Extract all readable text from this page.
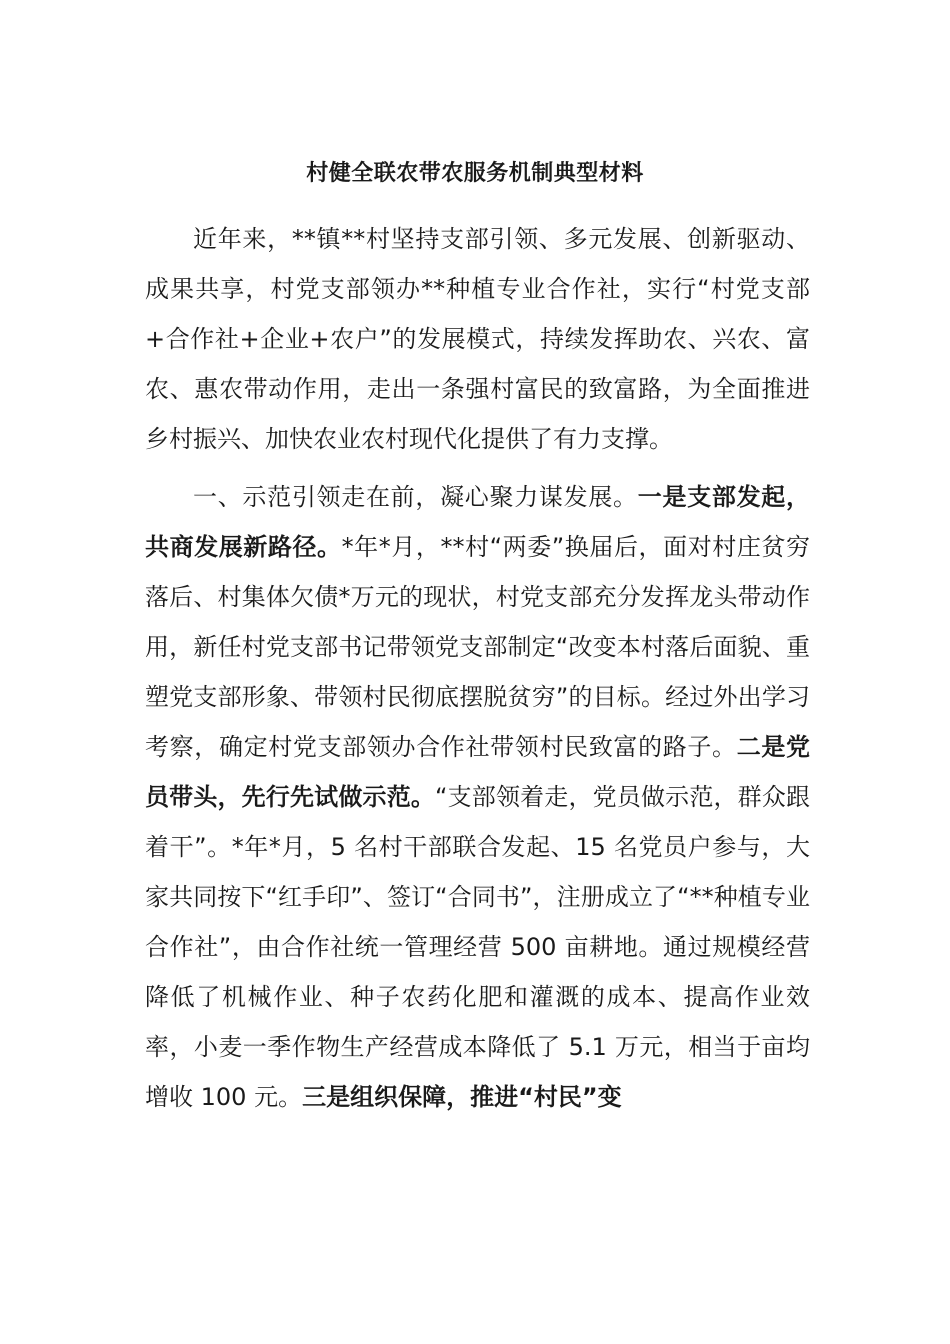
村健全联农带农服务机制典型材料

近年来，**镇**村坚持支部引领、多元发展、创新驱动、成果共享，村党支部领办**种植专业合作社，实行“村党支部+合作社+企业+农户”的发展模式，持续发挥助农、兴农、富农、惠农带动作用，走出一条强村富民的致富路，为全面推进乡村振兴、加快农业农村现代化提供了有力支撑。

一、示范引领走在前，凝心聚力谋发展。一是支部发起，共商发展新路径。*年*月，**村“两委”换届后，面对村庄贫穷落后、村集体欠债*万元的现状，村党支部充分发挥龙头带动作用，新任村党支部书记带领党支部制定“改变本村落后面貌、重塑党支部形象、带领村民彻底摆脱贫穷”的目标。经过外出学习考察，确定村党支部领办合作社带领村民致富的路子。二是党员带头，先行先试做示范。“支部领着走，党员做示范，群众跟着干”。*年*月，5 名村干部联合发起、15 名党员户参与，大家共同按下“红手印”、签订“合同书”，注册成立了“**种植专业合作社”，由合作社统一管理经营 500 亩耕地。通过规模经营降低了机械作业、种子农药化肥和灌溉的成本、提高作业效率，小麦一季作物生产经营成本降低了 5.1 万元，相当于亩均增收 100 元。三是组织保障，推进“村民”变
